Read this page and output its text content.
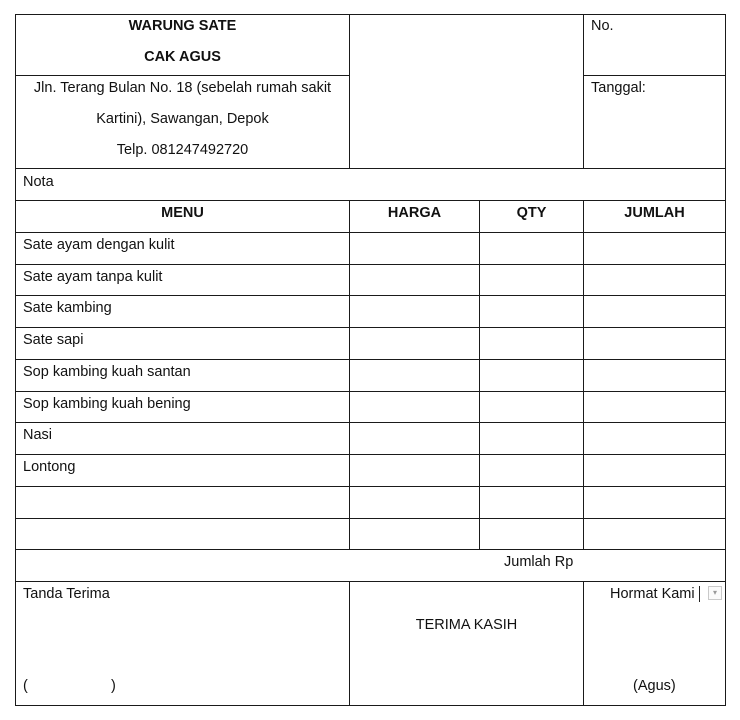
WARUNG SATE
CAK AGUS
Jln. Terang Bulan No. 18 (sebelah rumah sakit
Kartini), Sawangan, Depok
Telp. 081247492720
No.
Tanggal:
Nota
MENU	HARGA	QTY	JUMLAH
Sate ayam dengan kulit
Sate ayam tanpa kulit
Sate kambing
Sate sapi
Sop kambing kuah santan
Sop kambing kuah bening
Nasi
Lontong
Jumlah Rp
Tanda Terima
(	)
TERIMA KASIH
Hormat Kami	▾
(Agus)
